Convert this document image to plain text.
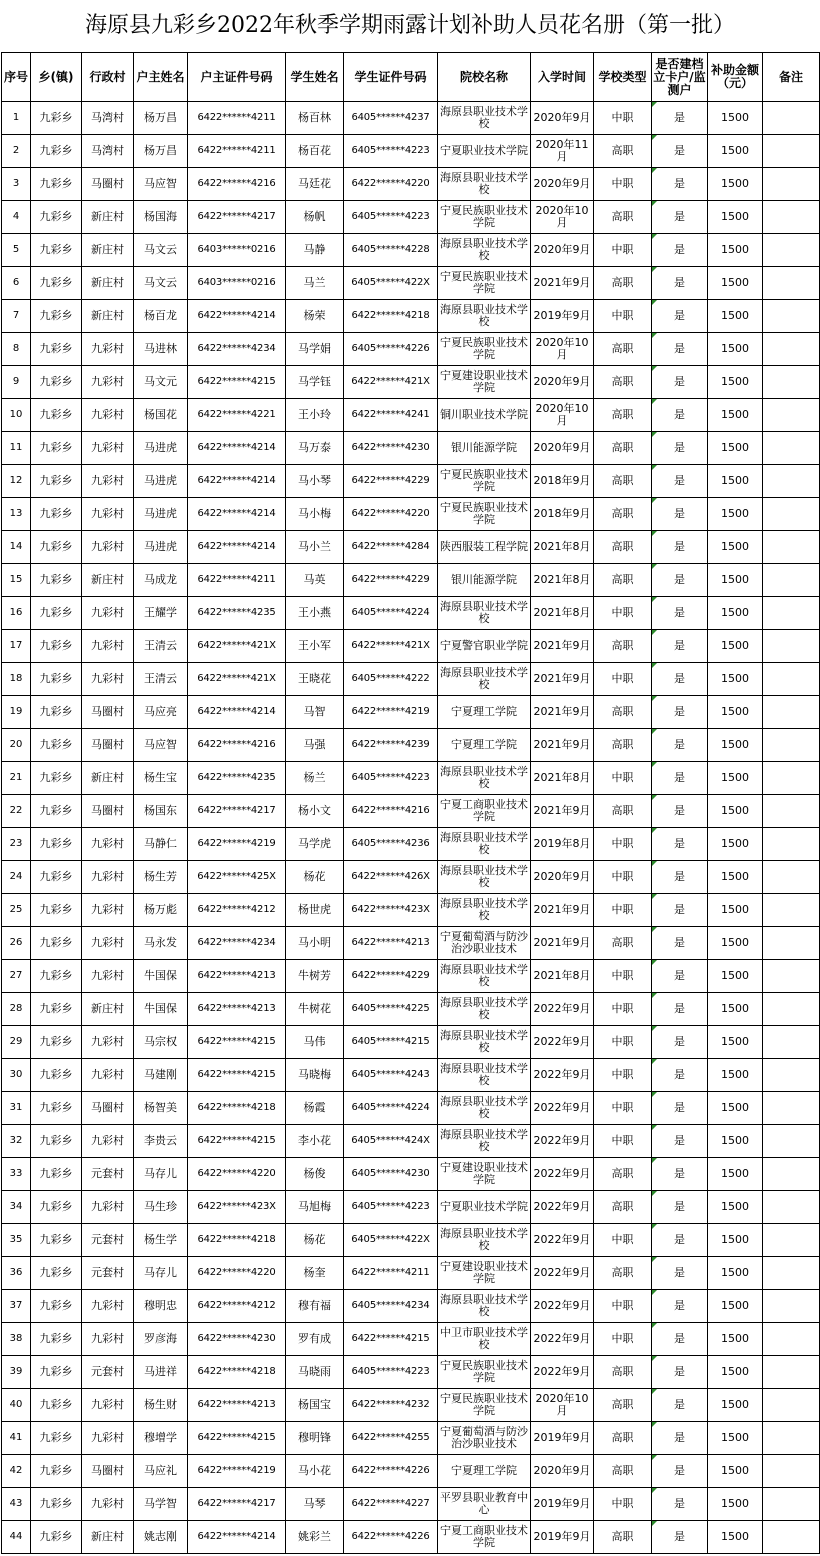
海原县九彩乡2022年秋季学期雨露计划补助人员花名册（第一批）
序号	乡(镇)	行政村	户主姓名	户主证件号码	学生姓名	学生证件号码	院校名称	入学时间	学校类型	是否建档立卡户/监测户	补助金额（元）	备注
1	九彩乡	马湾村	杨万昌	6422******4211	杨百林	6405******4237	海原县职业技术学校	2020年9月	中职	是	1500	
2	九彩乡	马湾村	杨万昌	6422******4211	杨百花	6405******4223	宁夏职业技术学院	2020年11月	高职	是	1500	
3	九彩乡	马圈村	马应智	6422******4216	马廷花	6422******4220	海原县职业技术学校	2020年9月	中职	是	1500	
4	九彩乡	新庄村	杨国海	6422******4217	杨帆	6405******4223	宁夏民族职业技术学院	2020年10月	高职	是	1500	
5	九彩乡	新庄村	马文云	6403******0216	马静	6405******4228	海原县职业技术学校	2020年9月	中职	是	1500	
6	九彩乡	新庄村	马文云	6403******0216	马兰	6405******422X	宁夏民族职业技术学院	2021年9月	高职	是	1500	
7	九彩乡	新庄村	杨百龙	6422******4214	杨荣	6422******4218	海原县职业技术学校	2019年9月	中职	是	1500	
8	九彩乡	九彩村	马进林	6422******4234	马学娟	6405******4226	宁夏民族职业技术学院	2020年10月	高职	是	1500	
9	九彩乡	九彩村	马文元	6422******4215	马学钰	6422******421X	宁夏建设职业技术学院	2020年9月	高职	是	1500	
10	九彩乡	九彩村	杨国花	6422******4221	王小玲	6422******4241	铜川职业技术学院	2020年10月	高职	是	1500	
11	九彩乡	九彩村	马进虎	6422******4214	马万泰	6422******4230	银川能源学院	2020年9月	高职	是	1500	
12	九彩乡	九彩村	马进虎	6422******4214	马小琴	6422******4229	宁夏民族职业技术学院	2018年9月	高职	是	1500	
13	九彩乡	九彩村	马进虎	6422******4214	马小梅	6422******4220	宁夏民族职业技术学院	2018年9月	高职	是	1500	
14	九彩乡	九彩村	马进虎	6422******4214	马小兰	6422******4284	陕西服装工程学院	2021年8月	高职	是	1500	
15	九彩乡	新庄村	马成龙	6422******4211	马英	6422******4229	银川能源学院	2021年8月	高职	是	1500	
16	九彩乡	九彩村	王耀学	6422******4235	王小燕	6405******4224	海原县职业技术学校	2021年8月	中职	是	1500	
17	九彩乡	九彩村	王清云	6422******421X	王小军	6422******421X	宁夏警官职业学院	2021年9月	高职	是	1500	
18	九彩乡	九彩村	王清云	6422******421X	王晓花	6405******4222	海原县职业技术学校	2021年9月	中职	是	1500	
19	九彩乡	马圈村	马应亮	6422******4214	马智	6422******4219	宁夏理工学院	2021年9月	高职	是	1500	
20	九彩乡	马圈村	马应智	6422******4216	马强	6422******4239	宁夏理工学院	2021年9月	高职	是	1500	
21	九彩乡	新庄村	杨生宝	6422******4235	杨兰	6405******4223	海原县职业技术学校	2021年8月	中职	是	1500	
22	九彩乡	马圈村	杨国东	6422******4217	杨小文	6422******4216	宁夏工商职业技术学院	2021年9月	高职	是	1500	
23	九彩乡	九彩村	马静仁	6422******4219	马学虎	6405******4236	海原县职业技术学校	2019年8月	中职	是	1500	
24	九彩乡	九彩村	杨生芳	6422******425X	杨花	6422******426X	海原县职业技术学校	2020年9月	中职	是	1500	
25	九彩乡	九彩村	杨万彪	6422******4212	杨世虎	6422******423X	海原县职业技术学校	2021年9月	中职	是	1500	
26	九彩乡	九彩村	马永发	6422******4234	马小明	6422******4213	宁夏葡萄酒与防沙治沙职业技术	2021年9月	高职	是	1500	
27	九彩乡	九彩村	牛国保	6422******4213	牛树芳	6422******4229	海原县职业技术学校	2021年8月	中职	是	1500	
28	九彩乡	新庄村	牛国保	6422******4213	牛树花	6405******4225	海原县职业技术学校	2022年9月	中职	是	1500	
29	九彩乡	九彩村	马宗权	6422******4215	马伟	6405******4215	海原县职业技术学校	2022年9月	中职	是	1500	
30	九彩乡	九彩村	马建刚	6422******4215	马晓梅	6405******4243	海原县职业技术学校	2022年9月	中职	是	1500	
31	九彩乡	马圈村	杨智美	6422******4218	杨霞	6405******4224	海原县职业技术学校	2022年9月	中职	是	1500	
32	九彩乡	九彩村	李贵云	6422******4215	李小花	6405******424X	海原县职业技术学校	2022年9月	中职	是	1500	
33	九彩乡	元套村	马存儿	6422******4220	杨俊	6405******4230	宁夏建设职业技术学院	2022年9月	高职	是	1500	
34	九彩乡	九彩村	马生珍	6422******423X	马旭梅	6405******4223	宁夏职业技术学院	2022年9月	高职	是	1500	
35	九彩乡	元套村	杨生学	6422******4218	杨花	6405******422X	海原县职业技术学校	2022年9月	中职	是	1500	
36	九彩乡	元套村	马存儿	6422******4220	杨奎	6422******4211	宁夏建设职业技术学院	2022年9月	高职	是	1500	
37	九彩乡	九彩村	穆明忠	6422******4212	穆有福	6405******4234	海原县职业技术学校	2022年9月	中职	是	1500	
38	九彩乡	九彩村	罗彦海	6422******4230	罗有成	6422******4215	中卫市职业技术学校	2022年9月	中职	是	1500	
39	九彩乡	元套村	马进祥	6422******4218	马晓雨	6405******4223	宁夏民族职业技术学院	2022年9月	高职	是	1500	
40	九彩乡	九彩村	杨生财	6422******4213	杨国宝	6422******4232	宁夏民族职业技术学院	2020年10月	高职	是	1500	
41	九彩乡	九彩村	穆增学	6422******4215	穆明锋	6422******4255	宁夏葡萄酒与防沙治沙职业技术	2019年9月	高职	是	1500	
42	九彩乡	马圈村	马应礼	6422******4219	马小花	6422******4226	宁夏理工学院	2020年9月	高职	是	1500	
43	九彩乡	九彩村	马学智	6422******4217	马琴	6422******4227	平罗县职业教育中心	2019年9月	中职	是	1500	
44	九彩乡	新庄村	姚志刚	6422******4214	姚彩兰	6422******4226	宁夏工商职业技术学院	2019年9月	高职	是	1500	
